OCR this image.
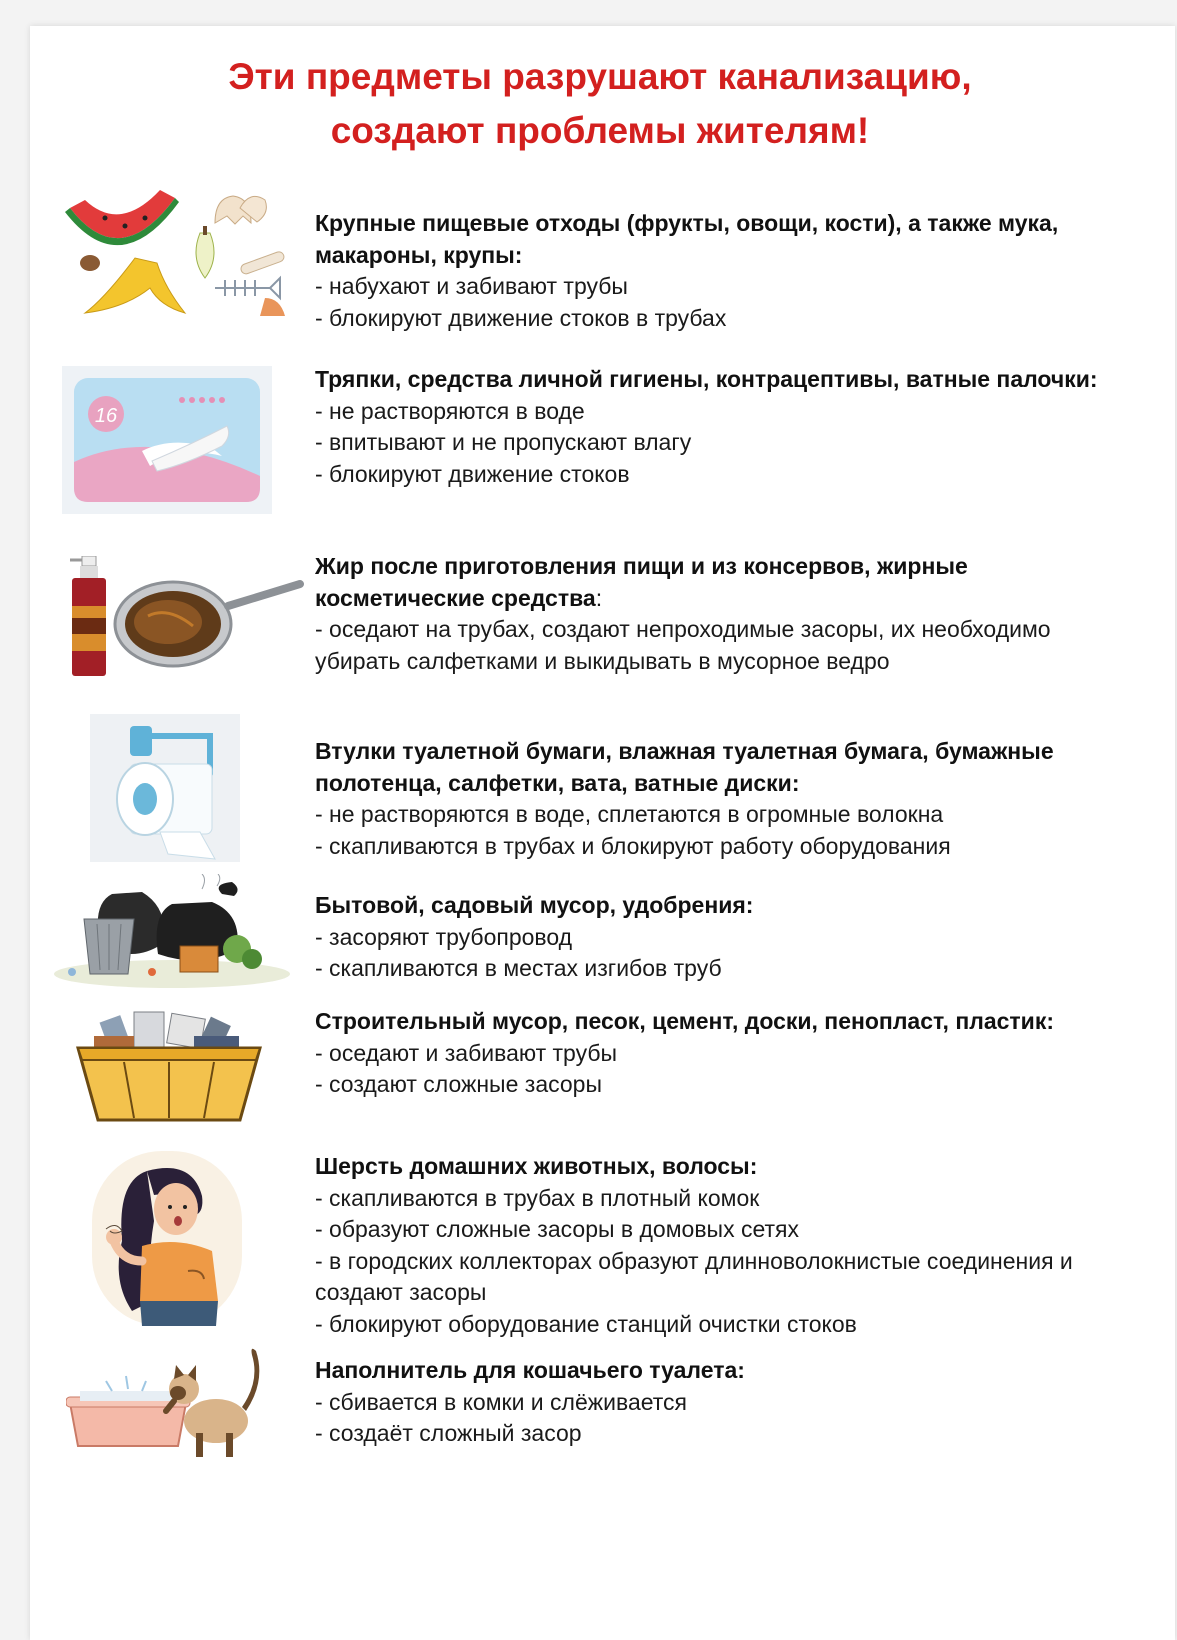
Эти предметы разрушают канализацию,
создают проблемы жителям!
Крупные пищевые отходы (фрукты, овощи, кости), а также мука, макароны, крупы:
- набухают и забивают трубы
- блокируют движение стоков в трубах
16
Тряпки, средства личной гигиены, контрацептивы, ватные палочки:
- не растворяются в воде
- впитывают и не пропускают влагу
- блокируют движение стоков
Жир после приготовления пищи и из консервов, жирные косметические средства:
- оседают на трубах, создают непроходимые засоры, их необходимо убирать салфетками и выкидывать в мусорное ведро
Втулки туалетной бумаги, влажная туалетная бумага, бумажные полотенца, салфетки, вата, ватные диски:
- не растворяются в воде, сплетаются в огромные волокна
- скапливаются в трубах и блокируют работу оборудования
Бытовой, садовый мусор, удобрения:
- засоряют трубопровод
- скапливаются в местах изгибов труб
Строительный мусор, песок, цемент, доски, пенопласт, пластик:
- оседают и забивают трубы
- создают сложные засоры
Шерсть домашних животных, волосы:
- скапливаются в трубах в плотный комок
- образуют сложные засоры в домовых сетях
- в городских коллекторах образуют длинноволокнистые соединения и создают засоры
- блокируют оборудование станций очистки стоков
Наполнитель для кошачьего туалета:
- сбивается в комки и слёживается
- создаёт сложный засор
